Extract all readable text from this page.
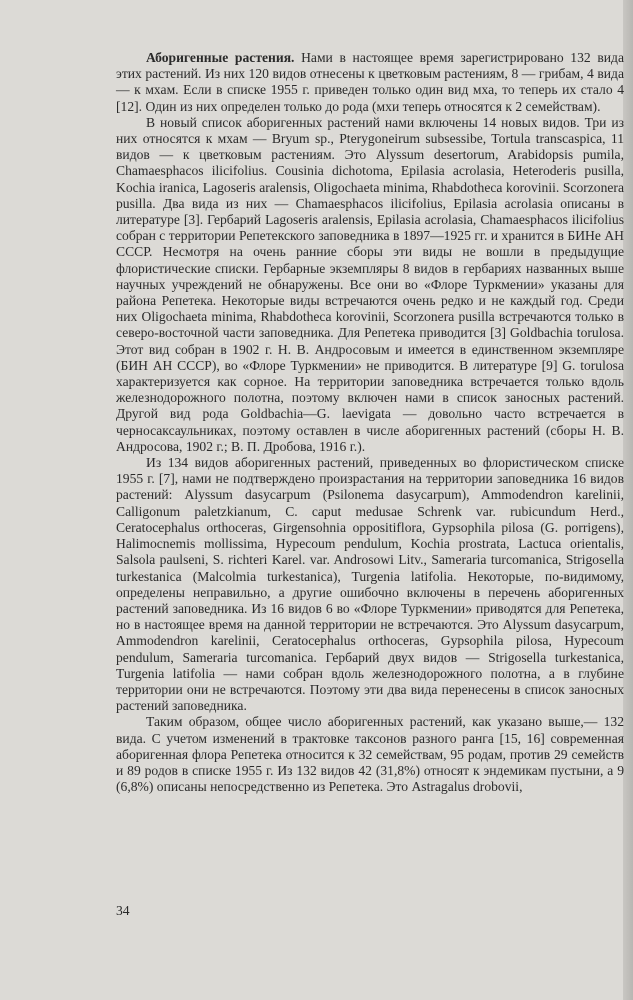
Аборигенные растения. Нами в настоящее время зарегистрировано 132 вида этих растений. Из них 120 видов отнесены к цветковым растениям, 8 — грибам, 4 вида — к мхам. Если в списке 1955 г. приведен только один вид мха, то теперь их стало 4 [12]. Один из них определен только до рода (мхи теперь относятся к 2 семействам).

В новый список аборигенных растений нами включены 14 новых видов. Три из них относятся к мхам — Bryum sp., Pterygoneirum subsessibe, Tortula transcaspica, 11 видов — к цветковым растениям. Это Alyssum desertorum, Arabidopsis pumila, Chamaesphacos ilicifolius. Cousinia dichotoma, Epilasia acrolasia, Heteroderis pusilla, Kochia iranica, Lagoseris aralensis, Oligochaeta minima, Rhabdotheca korovinii. Scorzonera pusilla. Два вида из них — Chamaesphacos ilicifolius, Epilasia acrolasia описаны в литературе [3]. Гербарий Lagoseris aralensis, Epilasia acrolasia, Chamaesphacos ilicifolius собран с территории Репетекского заповедника в 1897—1925 гг. и хранится в БИНе АН СССР. Несмотря на очень ранние сборы эти виды не вошли в предыдущие флористические списки. Гербарные экземпляры 8 видов в гербариях названных выше научных учреждений не обнаружены. Все они во «Флоре Туркмении» указаны для района Репетека. Некоторые виды встречаются очень редко и не каждый год. Среди них Oligochaeta minima, Rhabdotheca korovinii, Scorzonera pusilla встречаются только в северо-восточной части заповедника. Для Репетека приводится [3] Goldbachia torulosa. Этот вид собран в 1902 г. Н. В. Андросовым и имеется в единственном экземпляре (БИН АН СССР), во «Флоре Туркмении» не приводится. В литературе [9] G. torulosa характеризуется как сорное. На территории заповедника встречается только вдоль железнодорожного полотна, поэтому включен нами в список заносных растений. Другой вид рода Goldbachia—G. laevigata — довольно часто встречается в черносаксаульниках, поэтому оставлен в числе аборигенных растений (сборы Н. В. Андросова, 1902 г.; В. П. Дробова, 1916 г.).

Из 134 видов аборигенных растений, приведенных во флористическом списке 1955 г. [7], нами не подтверждено произрастания на территории заповедника 16 видов растений: Alyssum dasycarpum (Psilonema dasycarpum), Ammodendron karelinii, Calligonum paletzkianum, C. caput medusae Schrenk var. rubicundum Herd., Ceratocephalus orthoceras, Girgensohnia oppositiflora, Gypsophila pilosa (G. porrigens), Halimocnemis mollissima, Hypecoum pendulum, Kochia prostrata, Lactuca orientalis, Salsola paulseni, S. richteri Karel. var. Androsowi Litv., Sameraria turcomanica, Strigosella turkestanica (Malcolmia turkestanica), Turgenia latifolia. Некоторые, по-видимому, определены неправильно, а другие ошибочно включены в перечень аборигенных растений заповедника. Из 16 видов 6 во «Флоре Туркмении» приводятся для Репетека, но в настоящее время на данной территории не встречаются. Это Alyssum dasycarpum, Ammodendron karelinii, Ceratocephalus orthoceras, Gypsophila pilosa, Hypecoum pendulum, Sameraria turcomanica. Гербарий двух видов — Strigosella turkestanica, Turgenia latifolia — нами собран вдоль железнодорожного полотна, а в глубине территории они не встречаются. Поэтому эти два вида перенесены в список заносных растений заповедника.

Таким образом, общее число аборигенных растений, как указано выше,— 132 вида. С учетом изменений в трактовке таксонов разного ранга [15, 16] современная аборигенная флора Репетека относится к 32 семействам, 95 родам, против 29 семейств и 89 родов в списке 1955 г. Из 132 видов 42 (31,8%) относят к эндемикам пустыни, а 9 (6,8%) описаны непосредственно из Репетека. Это Astragalus drobovii,

34
